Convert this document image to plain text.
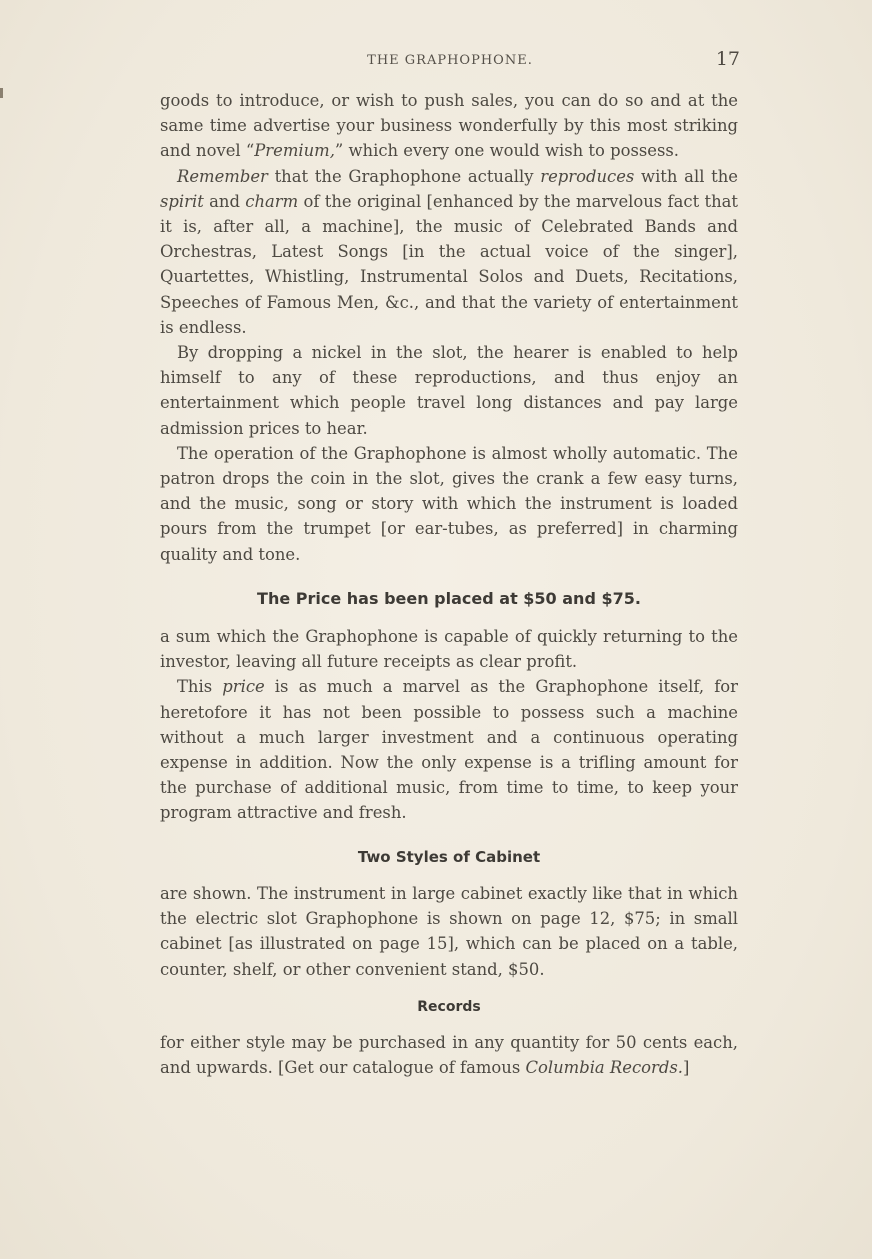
THE GRAPHOPHONE.	17

goods to introduce, or wish to push sales, you can do so and at the same time advertise your business wonderfully by this most striking and novel “Premium,” which every one would wish to possess.

Remember that the Graphophone actually reproduces with all the spirit and charm of the original [enhanced by the marvelous fact that it is, after all, a machine], the music of Celebrated Bands and Orchestras, Latest Songs [in the actual voice of the singer], Quartettes, Whistling, Instrumental Solos and Duets, Recitations, Speeches of Famous Men, &c., and that the variety of entertainment is endless.

By dropping a nickel in the slot, the hearer is enabled to help himself to any of these reproductions, and thus enjoy an entertainment which people travel long distances and pay large admission prices to hear.

The operation of the Graphophone is almost wholly automatic. The patron drops the coin in the slot, gives the crank a few easy turns, and the music, song or story with which the instrument is loaded pours from the trumpet [or ear-tubes, as preferred] in charming quality and tone.

The Price has been placed at $50 and $75.

a sum which the Graphophone is capable of quickly returning to the investor, leaving all future receipts as clear profit.

This price is as much a marvel as the Graphophone itself, for heretofore it has not been possible to possess such a machine without a much larger investment and a continuous operating expense in addition. Now the only expense is a trifling amount for the purchase of additional music, from time to time, to keep your program attractive and fresh.

Two Styles of Cabinet

are shown. The instrument in large cabinet exactly like that in which the electric slot Graphophone is shown on page 12, $75; in small cabinet [as illustrated on page 15], which can be placed on a table, counter, shelf, or other convenient stand, $50.

Records

for either style may be purchased in any quantity for 50 cents each, and upwards. [Get our catalogue of famous Columbia Records.]
